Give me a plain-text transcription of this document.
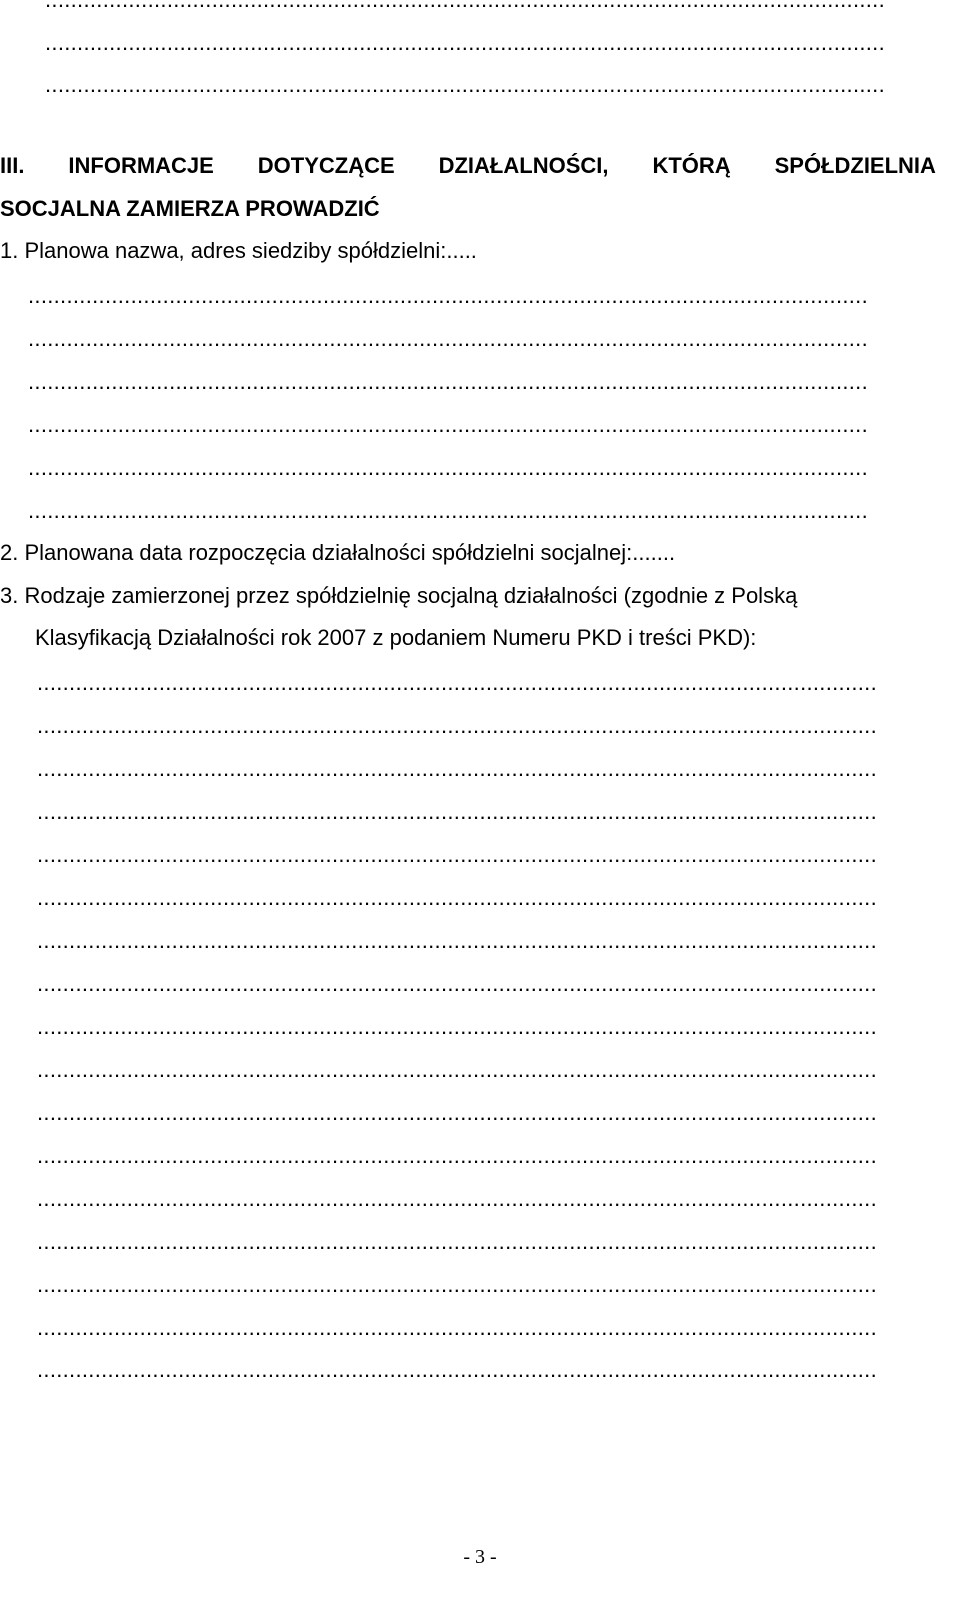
...................................................................................................................................
...................................................................................................................................
III. INFORMACJE DOTYCZĄCE DZIAŁALNOŚCI, KTÓRĄ SPÓŁDZIELNIA
SOCJALNA ZAMIERZA PROWADZIĆ
1. Planowa nazwa, adres siedziby spółdzielni:.....
...................................................................................................................................
...................................................................................................................................
...................................................................................................................................
...................................................................................................................................
...................................................................................................................................
...................................................................................................................................
2. Planowana data rozpoczęcia działalności spółdzielni socjalnej:.......
3. Rodzaje zamierzonej przez spółdzielnię socjalną działalności (zgodnie z Polską
Klasyfikacją Działalności rok 2007 z podaniem Numeru PKD i treści PKD):
...................................................................................................................................
...................................................................................................................................
...................................................................................................................................
...................................................................................................................................
...................................................................................................................................
...................................................................................................................................
...................................................................................................................................
...................................................................................................................................
...................................................................................................................................
...................................................................................................................................
...................................................................................................................................
...................................................................................................................................
...................................................................................................................................
...................................................................................................................................
...................................................................................................................................
...................................................................................................................................
...................................................................................................................................
- 3 -
